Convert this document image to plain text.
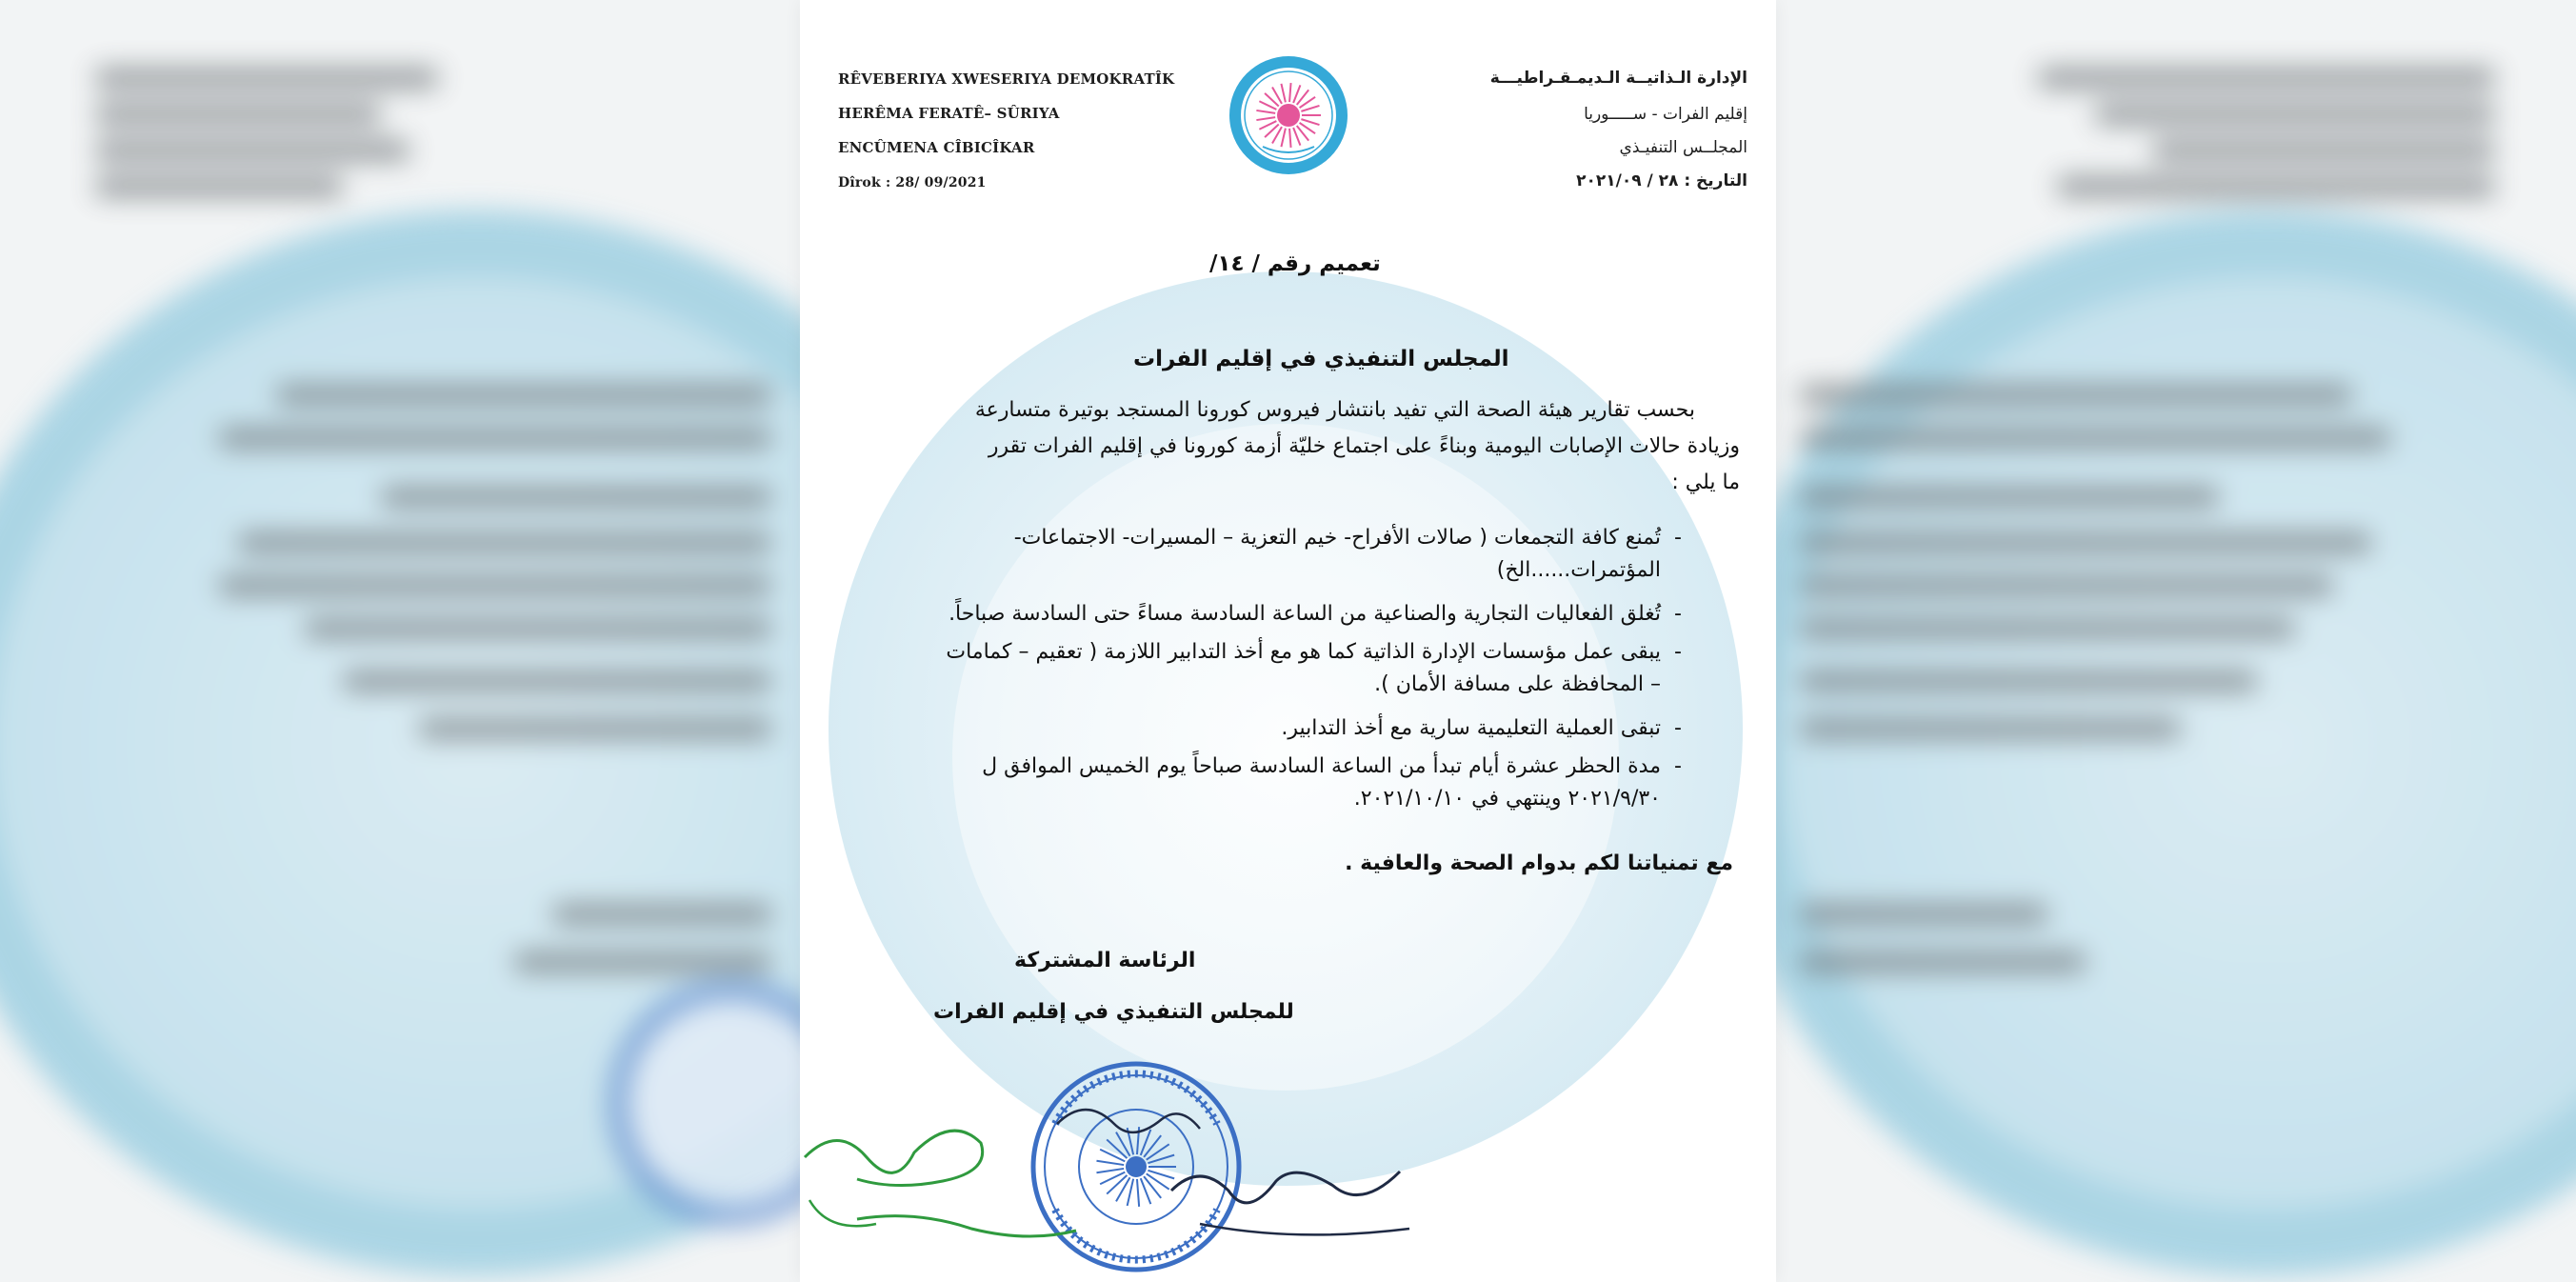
RÊVEBERIYA XWESERIYA DEMOKRATÎK
HERÊMA FERATÊ– SÛRIYA
ENCÛMENA CÎBICÎKAR
Dîrok : 28/ 09/2021
الإدارة الـذاتيــة الـديمـقـراطيـــة
إقليم الفرات - ســـــوريا
المجلــس التنفيـذي
التاريخ : ٢٨ / ٢٠٢١/٠٩
تعميم رقم / ١٤/
المجلس التنفيذي في إقليم الفرات
بحسب تقارير هيئة الصحة التي تفيد بانتشار فيروس كورونا المستجد بوتيرة متسارعة
وزيادة حالات الإصابات اليومية وبناءً على اجتماع خليّة أزمة كورونا في إقليم الفرات تقرر
ما يلي :
-تُمنع كافة التجمعات ( صالات الأفراح- خيم التعزية – المسيرات- الاجتماعات-
المؤتمرات......الخ)
-تُغلق الفعاليات التجارية والصناعية من الساعة السادسة مساءً حتى السادسة صباحاً.
-يبقى عمل مؤسسات الإدارة الذاتية كما هو مع أخذ التدابير اللازمة ( تعقيم – كمامات
– المحافظة على مسافة الأمان ).
-تبقى العملية التعليمية سارية مع أخذ التدابير.
-مدة الحظر عشرة أيام تبدأ من الساعة السادسة صباحاً يوم الخميس الموافق ل
٢٠٢١/٩/٣٠ وينتهي في ٢٠٢١/١٠/١٠.
مع تمنياتنا لكم بدوام الصحة والعافية .
الرئاسة المشتركة
للمجلس التنفيذي في إقليم الفرات
